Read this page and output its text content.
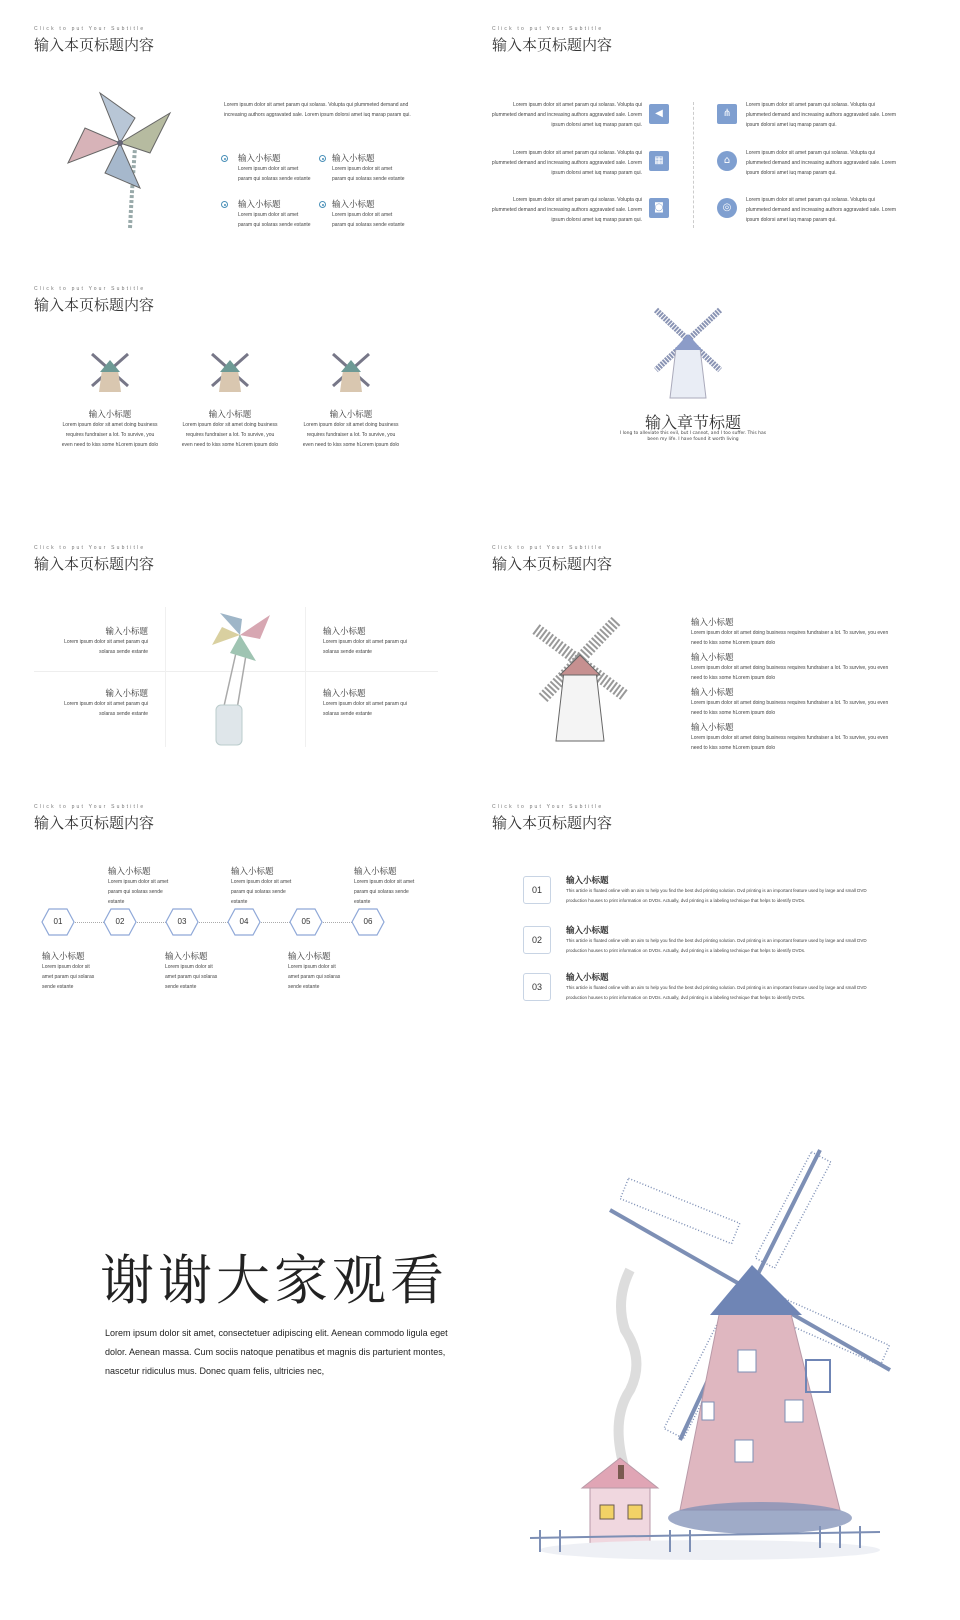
Click to put Your Subtitle
输入本页标题内容
Lorem ipsum dolor sit amet param qui solaras. Volupta qui plummeted demand and increasing authors aggravated sale. Lorem ipsum dolorsi amet iuq marap param qui.
输入小标题
Lorem ipsum dolor sit amet
param qui solaras sende estante
输入小标题
Lorem ipsum dolor sit amet
param qui solaras sende estante
输入小标题
Lorem ipsum dolor sit amet
param qui solaras sende estante
输入小标题
Lorem ipsum dolor sit amet
param qui solaras sende estante
Click to put Your Subtitle
输入本页标题内容
Lorem ipsum dolor sit amet param qui solaras. Volupta qui
plummeted demand and increasing authors aggravated sale. Lorem
ipsum dolorsi amet iuq marap param qui.
◀
Lorem ipsum dolor sit amet param qui solaras. Volupta qui
plummeted demand and increasing authors aggravated sale. Lorem
ipsum dolorsi amet iuq marap param qui.
▦
Lorem ipsum dolor sit amet param qui solaras. Volupta qui
plummeted demand and increasing authors aggravated sale. Lorem
ipsum dolorsi amet iuq marap param qui.
◙
⋔
Lorem ipsum dolor sit amet param qui solaras. Volupta qui
plummeted demand and increasing authors aggravated sale. Lorem
ipsum dolorsi amet iuq marap param qui.
⌂
Lorem ipsum dolor sit amet param qui solaras. Volupta qui
plummeted demand and increasing authors aggravated sale. Lorem
ipsum dolorsi amet iuq marap param qui.
◎
Lorem ipsum dolor sit amet param qui solaras. Volupta qui
plummeted demand and increasing authors aggravated sale. Lorem
ipsum dolorsi amet iuq marap param qui.
Click to put Your Subtitle
输入本页标题内容
输入小标题
Lorem ipsum dolor sit amet doing business
requires fundraiser a lot. To survive, you
even need to kiss some hLorem ipsum dolo
输入小标题
Lorem ipsum dolor sit amet doing business
requires fundraiser a lot. To survive, you
even need to kiss some hLorem ipsum dolo
输入小标题
Lorem ipsum dolor sit amet doing business
requires fundraiser a lot. To survive, you
even need to kiss some hLorem ipsum dolo
输入章节标题
I long to alleviate this evil, but I cannot, and I too suffer. This has
been my life. I have found it worth living
Click to put Your Subtitle
输入本页标题内容
输入小标题
Lorem ipsum dolor sit amet param qui
solaras sende estante
输入小标题
Lorem ipsum dolor sit amet param qui
solaras sende estante
输入小标题
Lorem ipsum dolor sit amet param qui
solaras sende estante
输入小标题
Lorem ipsum dolor sit amet param qui
solaras sende estante
Click to put Your Subtitle
输入本页标题内容
输入小标题
Lorem ipsum dolor sit amet doing business requires fundraiser a lot. To survive, you even
need to kiss some hLorem ipsum dolo
输入小标题
Lorem ipsum dolor sit amet doing business requires fundraiser a lot. To survive, you even
need to kiss some hLorem ipsum dolo
输入小标题
Lorem ipsum dolor sit amet doing business requires fundraiser a lot. To survive, you even
need to kiss some hLorem ipsum dolo
输入小标题
Lorem ipsum dolor sit amet doing business requires fundraiser a lot. To survive, you even
need to kiss some hLorem ipsum dolo
Click to put Your Subtitle
输入本页标题内容
01	02	03	04	05	06
输入小标题
Lorem ipsum dolor sit amet
param qui solaras sende
estante
输入小标题
Lorem ipsum dolor sit amet
param qui solaras sende
estante
输入小标题
Lorem ipsum dolor sit amet
param qui solaras sende
estante
输入小标题
Lorem ipsum dolor sit
amet param qui solaras
sende estante
输入小标题
Lorem ipsum dolor sit
amet param qui solaras
sende estante
输入小标题
Lorem ipsum dolor sit
amet param qui solaras
sende estante
Click to put Your Subtitle
输入本页标题内容
01
输入小标题
This article is floated online with an aim to help you find the best dvd printing solution. Dvd printing is an important feature used by large and small DVD
production houses to print information on DVDs. Actually, dvd printing is a labeling technique that helps to identify DVDs.
02
输入小标题
This article is floated online with an aim to help you find the best dvd printing solution. Dvd printing is an important feature used by large and small DVD
production houses to print information on DVDs. Actually, dvd printing is a labeling technique that helps to identify DVDs.
03
输入小标题
This article is floated online with an aim to help you find the best dvd printing solution. Dvd printing is an important feature used by large and small DVD
production houses to print information on DVDs. Actually, dvd printing is a labeling technique that helps to identify DVDs.
谢谢大家观看
Lorem ipsum dolor sit amet, consectetuer adipiscing elit. Aenean commodo ligula eget
dolor. Aenean massa. Cum sociis natoque penatibus et magnis dis parturient montes,
nascetur ridiculus mus. Donec quam felis, ultricies nec,
